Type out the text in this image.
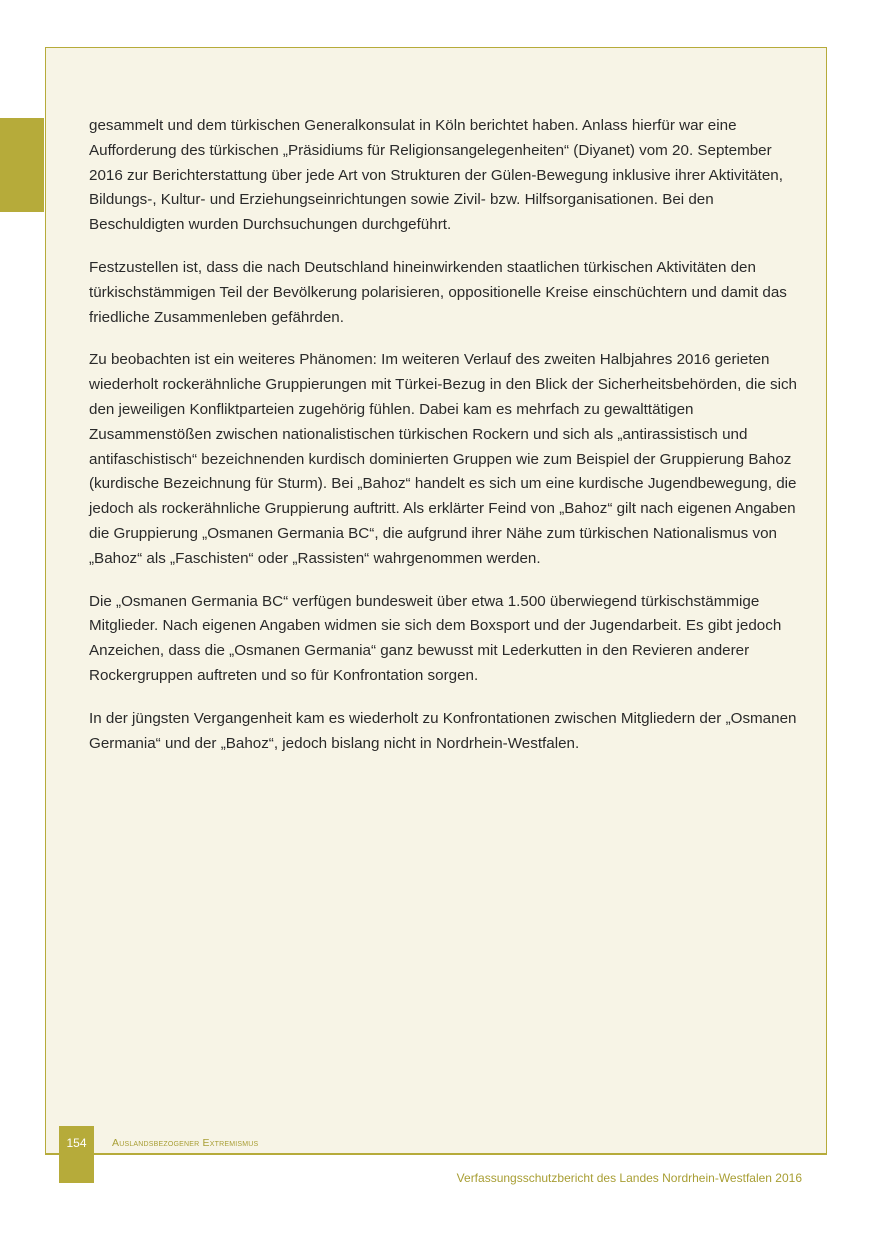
gesammelt und dem türkischen Generalkonsulat in Köln berichtet haben. Anlass hierfür war eine Aufforderung des türkischen „Präsidiums für Religionsangelegenheiten“ (Diyanet) vom 20. September 2016 zur Berichterstattung über jede Art von Strukturen der Gülen-Bewegung inklusive ihrer Aktivitäten, Bildungs-, Kultur- und Erziehungseinrichtungen sowie Zivil- bzw. Hilfsorganisationen. Bei den Beschuldigten wurden Durchsuchungen durchgeführt.

Festzustellen ist, dass die nach Deutschland hineinwirkenden staatlichen türkischen Aktivitäten den türkischstämmigen Teil der Bevölkerung polarisieren, oppositionelle Kreise einschüchtern und damit das friedliche Zusammenleben gefährden.

Zu beobachten ist ein weiteres Phänomen: Im weiteren Verlauf des zweiten Halbjahres 2016 gerieten wiederholt rockerähnliche Gruppierungen mit Türkei-Bezug in den Blick der Sicherheitsbehörden, die sich den jeweiligen Konfliktparteien zugehörig fühlen. Dabei kam es mehrfach zu gewalttätigen Zusammenstößen zwischen nationalistischen türkischen Rockern und sich als „antirassistisch und antifaschistisch“ bezeichnenden kurdisch dominierten Gruppen wie zum Beispiel der Gruppierung Bahoz (kurdische Bezeichnung für Sturm). Bei „Bahoz“ handelt es sich um eine kurdische Jugendbewegung, die jedoch als rockerähnliche Gruppierung auftritt. Als erklärter Feind von „Bahoz“ gilt nach eigenen Angaben die Gruppierung „Osmanen Germania BC“, die aufgrund ihrer Nähe zum türkischen Nationalismus von „Bahoz“ als „Faschisten“ oder „Rassisten“ wahrgenommen werden.

Die „Osmanen Germania BC“ verfügen bundesweit über etwa 1.500 überwiegend türkischstämmige Mitglieder. Nach eigenen Angaben widmen sie sich dem Boxsport und der Jugendarbeit. Es gibt jedoch Anzeichen, dass die „Osmanen Germania“ ganz bewusst mit Lederkutten in den Revieren anderer Rockergruppen auftreten und so für Konfrontation sorgen.

In der jüngsten Vergangenheit kam es wiederholt zu Konfrontationen zwischen Mitgliedern der „Osmanen Germania“ und der „Bahoz“, jedoch bislang nicht in Nordrhein-Westfalen.

154	Auslandsbezogener Extremismus
Verfassungsschutzbericht des Landes Nordrhein-Westfalen 2016
